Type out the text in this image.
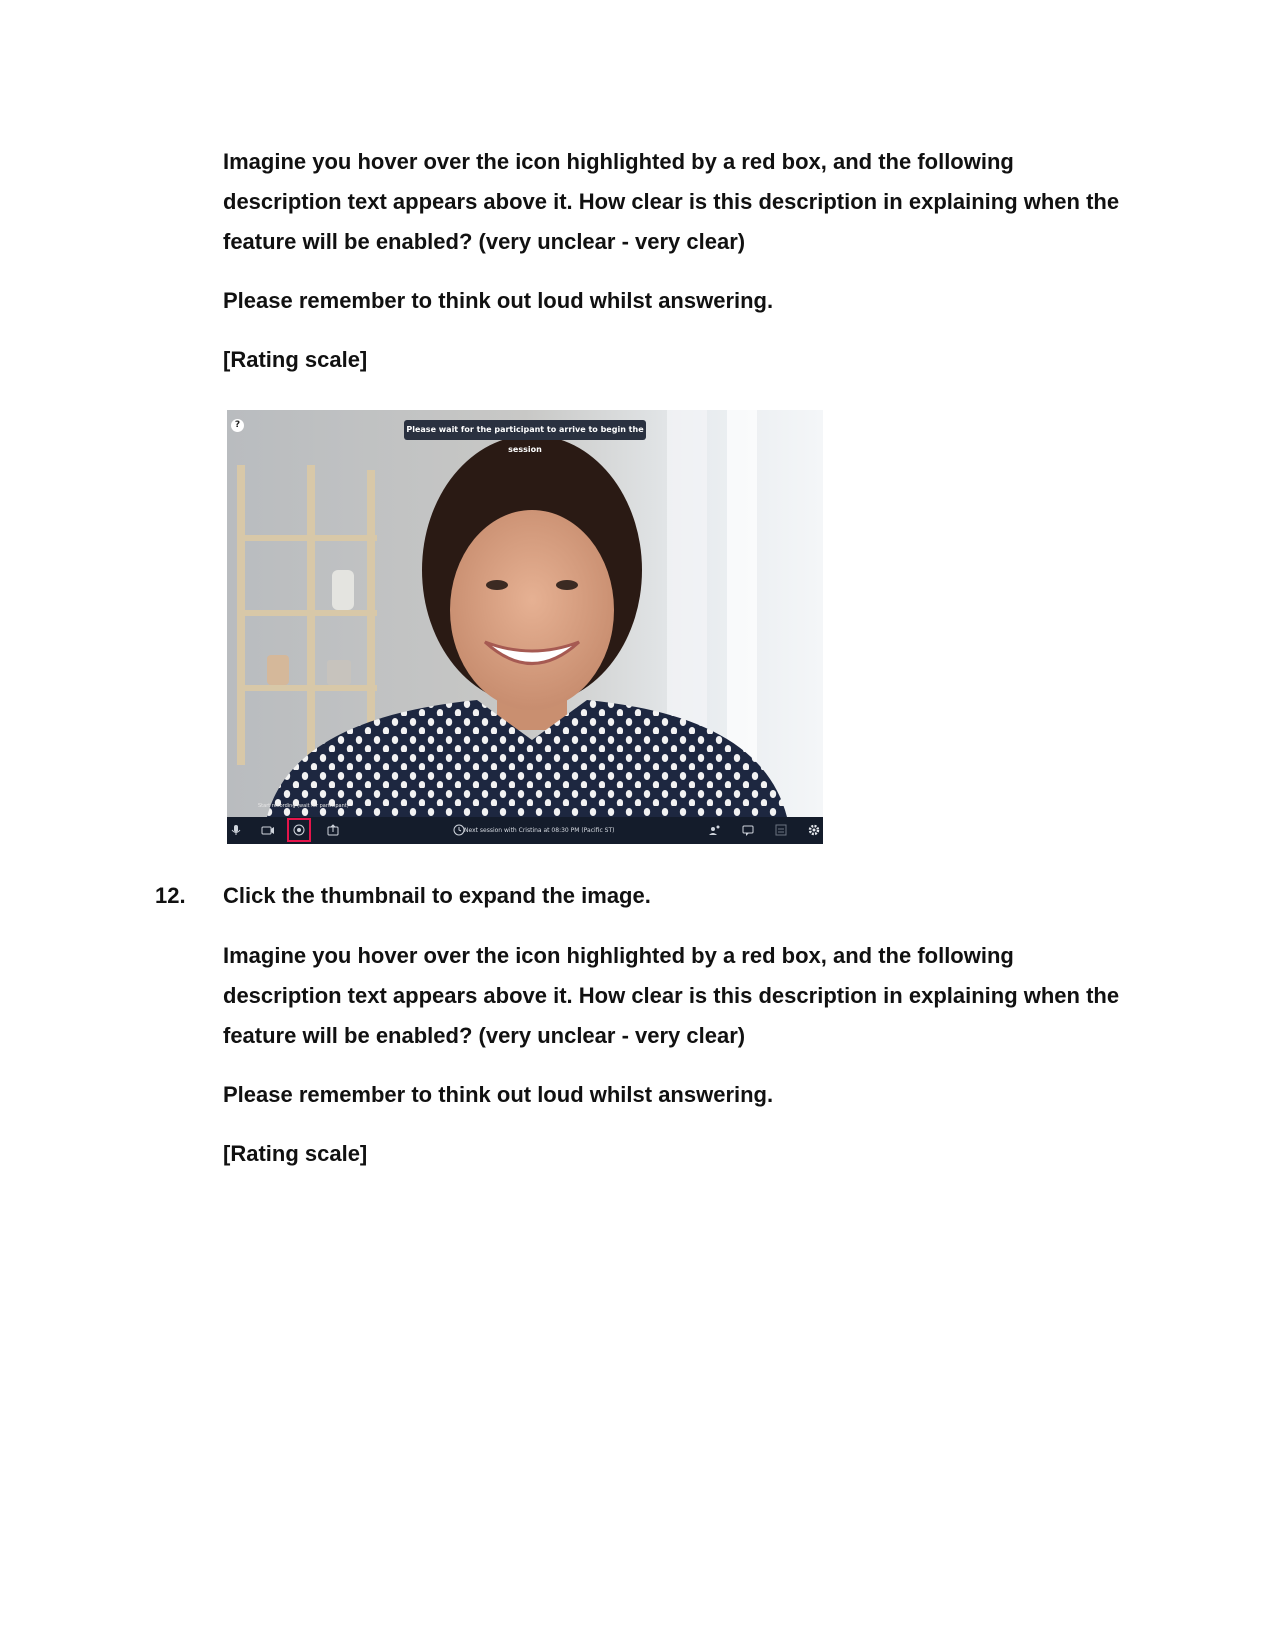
Imagine you hover over the icon highlighted by a red box, and the following description text appears above it. How clear is this description in explaining when the feature will be enabled? (very unclear - very clear)

Please remember to think out loud whilst answering.

[Rating scale]

?	Please wait for the participant to arrive to begin the session
Start recording (wait for participant)
Next session with Cristina at 08:30 PM (Pacific ST)
12. Click the thumbnail to expand the image.

Imagine you hover over the icon highlighted by a red box, and the following description text appears above it. How clear is this description in explaining when the feature will be enabled? (very unclear - very clear)

Please remember to think out loud whilst answering.

[Rating scale]
